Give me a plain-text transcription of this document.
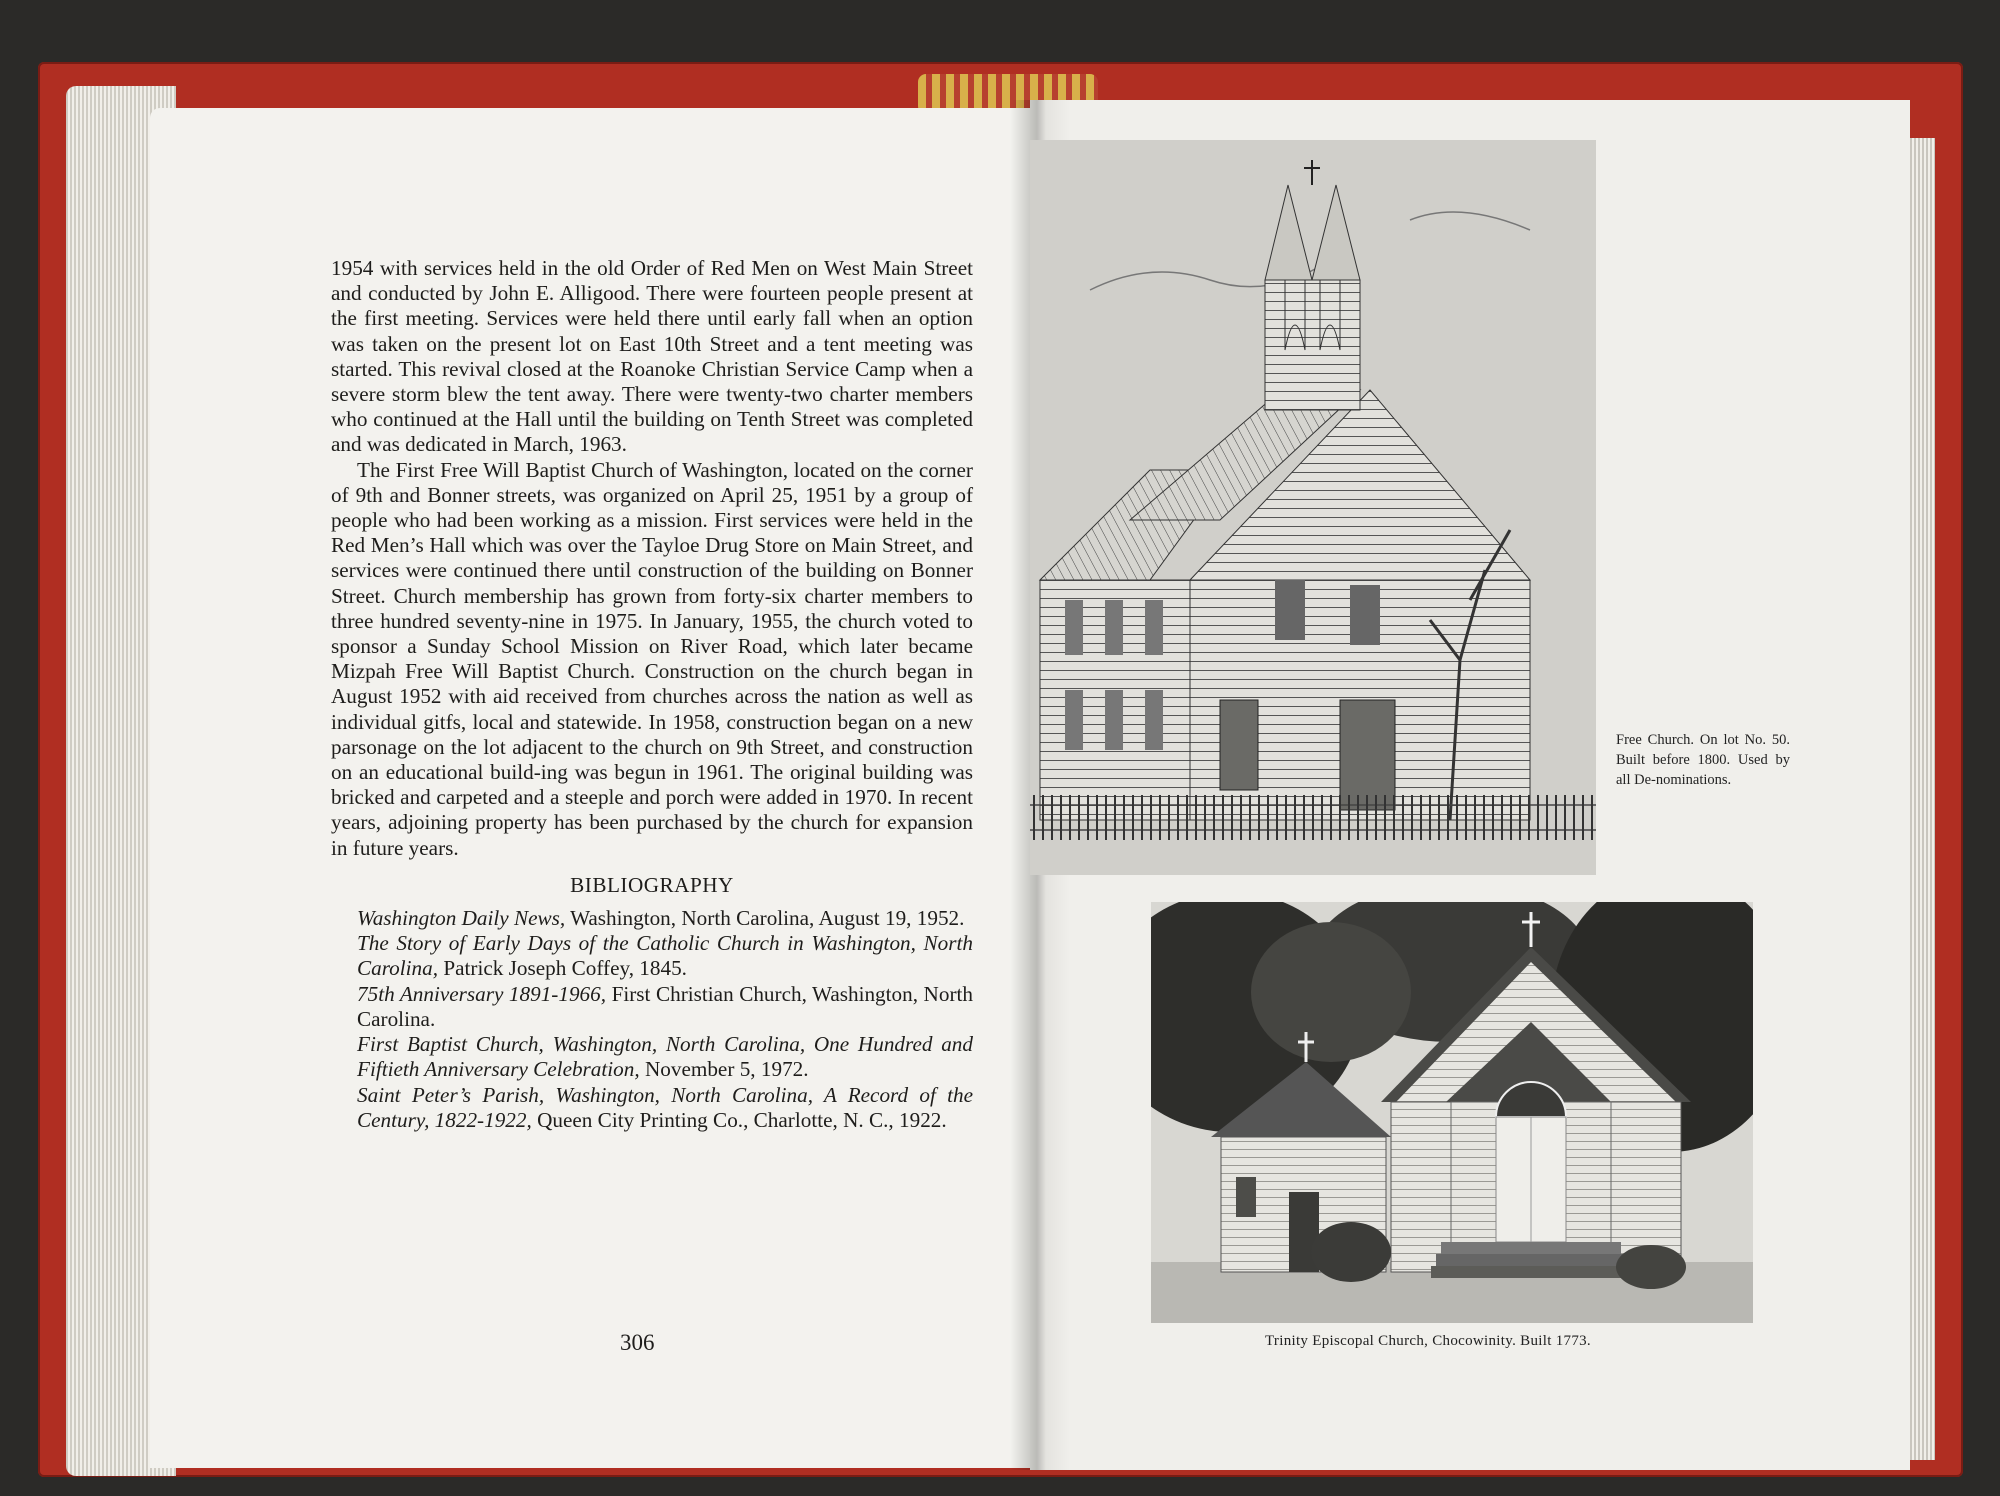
1954 with services held in the old Order of Red Men on West Main Street and conducted by John E. Alligood. There were fourteen people present at the first meeting. Services were held there until early fall when an option was taken on the present lot on East 10th Street and a tent meeting was started. This revival closed at the Roanoke Christian Service Camp when a severe storm blew the tent away. There were twenty-two charter members who continued at the Hall until the building on Tenth Street was completed and was dedicated in March, 1963.

The First Free Will Baptist Church of Washington, located on the corner of 9th and Bonner streets, was organized on April 25, 1951 by a group of people who had been working as a mission. First services were held in the Red Men’s Hall which was over the Tayloe Drug Store on Main Street, and services were continued there until construction of the building on Bonner Street. Church membership has grown from forty-six charter members to three hundred seventy-nine in 1975. In January, 1955, the church voted to sponsor a Sunday School Mission on River Road, which later became Mizpah Free Will Baptist Church. Construction on the church began in August 1952 with aid received from churches across the nation as well as individual gitfs, local and statewide. In 1958, construction began on a new parsonage on the lot adjacent to the church on 9th Street, and construction on an educational build-ing was begun in 1961. The original building was bricked and carpeted and a steeple and porch were added in 1970. In recent years, adjoining property has been purchased by the church for expansion in future years.

BIBLIOGRAPHY

Washington Daily News, Washington, North Carolina, August 19, 1952.

The Story of Early Days of the Catholic Church in Washington, North Carolina, Patrick Joseph Coffey, 1845.

75th Anniversary 1891-1966, First Christian Church, Washington, North Carolina.

First Baptist Church, Washington, North Carolina, One Hundred and Fiftieth Anniversary Celebration, November 5, 1972.

Saint Peter’s Parish, Washington, North Carolina, A Record of the Century, 1822-1922, Queen City Printing Co., Charlotte, N. C., 1922.

306
Free Church. On lot No. 50. Built before 1800. Used by all De-nominations.
Trinity Episcopal Church, Chocowinity. Built 1773.
